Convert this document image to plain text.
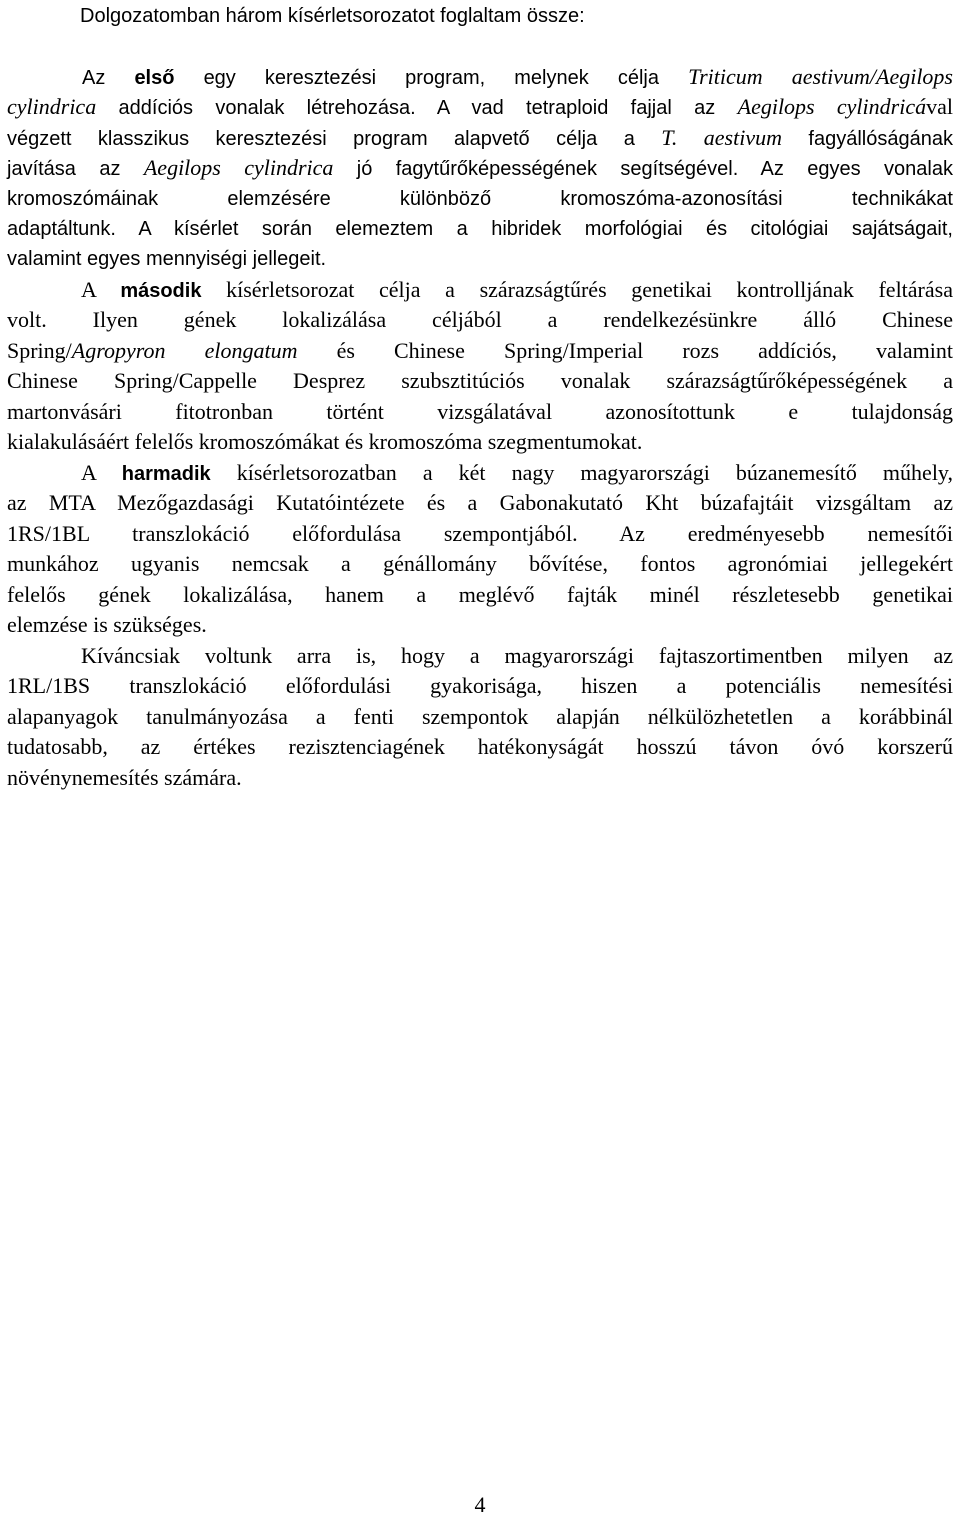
Dolgozatomban három kísérletsorozatot foglaltam össze:
Az első egy keresztezési program, melynek célja Triticum aestivum/Aegilops
cylindrica addíciós vonalak létrehozása. A vad tetraploid fajjal az Aegilops cylindricával
végzett klasszikus keresztezési program alapvető célja a T. aestivum fagyállóságának
javítása az Aegilops cylindrica jó fagytűrőképességének segítségével. Az egyes vonalak
kromoszómáinak elemzésére különböző kromoszóma-azonosítási technikákat
adaptáltunk. A kísérlet során elemeztem a hibridek morfológiai és citológiai sajátságait,
valamint egyes mennyiségi jellegeit.
A második kísérletsorozat célja a szárazságtűrés genetikai kontrolljának feltárása
volt. Ilyen gének lokalizálása céljából a rendelkezésünkre álló Chinese
Spring/Agropyron elongatum és Chinese Spring/Imperial rozs addíciós, valamint
Chinese Spring/Cappelle Desprez szubsztitúciós vonalak szárazságtűrőképességének a
martonvásári fitotronban történt vizsgálatával azonosítottunk e tulajdonság
kialakulásáért felelős kromoszómákat és kromoszóma szegmentumokat.
A harmadik kísérletsorozatban a két nagy magyarországi búzanemesítő műhely,
az MTA Mezőgazdasági Kutatóintézete és a Gabonakutató Kht búzafajtáit vizsgáltam az
1RS/1BL transzlokáció előfordulása szempontjából. Az eredményesebb nemesítői
munkához ugyanis nemcsak a génállomány bővítése, fontos agronómiai jellegekért
felelős gének lokalizálása, hanem a meglévő fajták minél részletesebb genetikai
elemzése is szükséges.
Kíváncsiak voltunk arra is, hogy a magyarországi fajtaszortimentben milyen az
1RL/1BS transzlokáció előfordulási gyakorisága, hiszen a potenciális nemesítési
alapanyagok tanulmányozása a fenti szempontok alapján nélkülözhetetlen a korábbinál
tudatosabb, az értékes rezisztenciagének hatékonyságát hosszú távon óvó korszerű
növénynemesítés számára.
4
